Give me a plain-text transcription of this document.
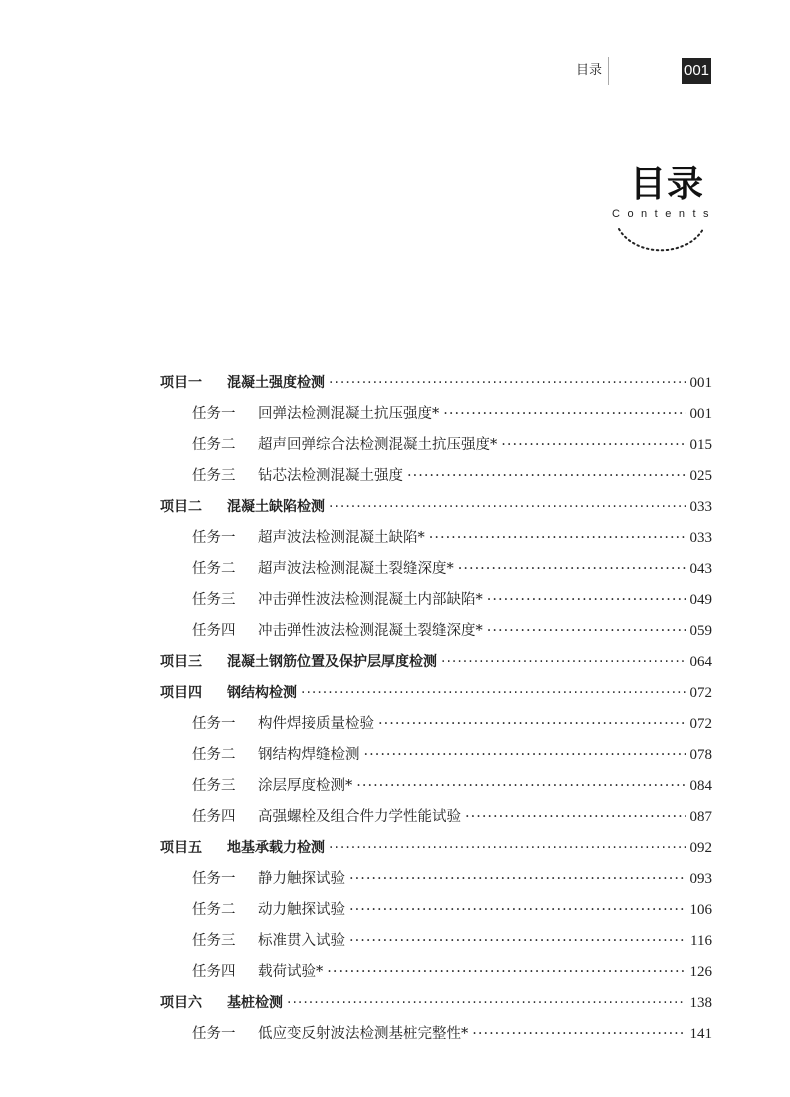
目录	001
目录
Contents
项目一	混凝土强度检测 ·····	001
任务一	回弹法检测混凝土抗压强度* ·····	001
任务二	超声回弹综合法检测混凝土抗压强度* ·····	015
任务三	钻芯法检测混凝土强度 ·····	025
项目二	混凝土缺陷检测 ·····	033
任务一	超声波法检测混凝土缺陷* ·····	033
任务二	超声波法检测混凝土裂缝深度* ·····	043
任务三	冲击弹性波法检测混凝土内部缺陷* ·····	049
任务四	冲击弹性波法检测混凝土裂缝深度* ·····	059
项目三	混凝土钢筋位置及保护层厚度检测 ·····	064
项目四	钢结构检测 ·····	072
任务一	构件焊接质量检验 ·····	072
任务二	钢结构焊缝检测 ·····	078
任务三	涂层厚度检测* ·····	084
任务四	高强螺栓及组合件力学性能试验 ·····	087
项目五	地基承载力检测 ·····	092
任务一	静力触探试验 ·····	093
任务二	动力触探试验 ·····	106
任务三	标准贯入试验 ·····	116
任务四	载荷试验* ·····	126
项目六	基桩检测 ·····	138
任务一	低应变反射波法检测基桩完整性* ·····	141
